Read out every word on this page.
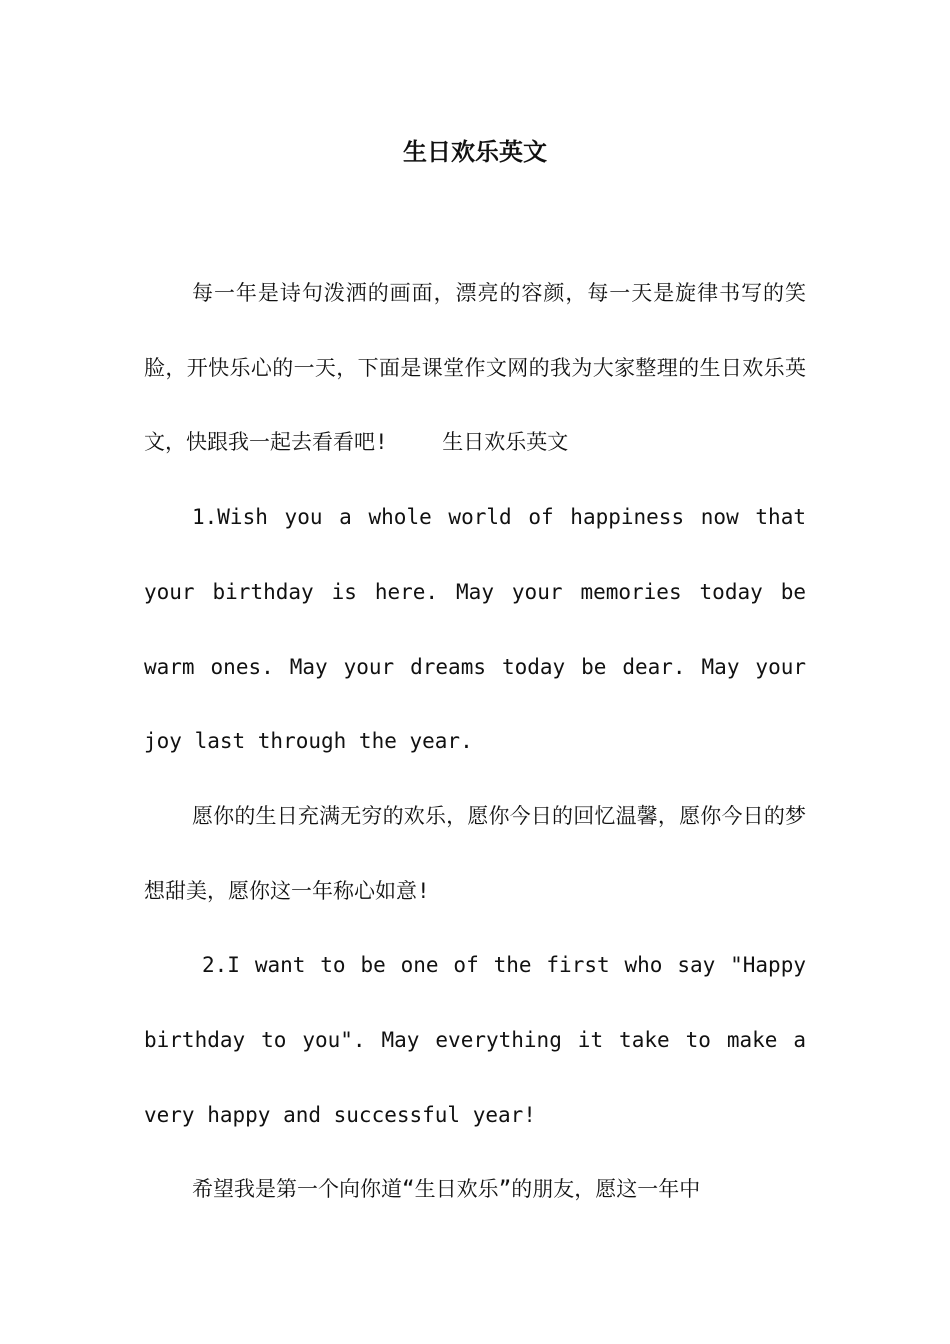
生日欢乐英文

每一年是诗句泼洒的画面，漂亮的容颜，每一天是旋律书写的笑脸，开快乐心的一天，下面是课堂作文网的我为大家整理的生日欢乐英文，快跟我一起去看看吧!　　 生日欢乐英文

1.Wish you a whole world of happiness now that your birthday is here. May your memories today be warm ones. May your dreams today be dear. May your joy last through the year.

愿你的生日充满无穷的欢乐，愿你今日的回忆温馨，愿你今日的梦想甜美，愿你这一年称心如意!

2.I want to be one of the first who say "Happy birthday to you". May everything it take to make a very happy and successful year!

希望我是第一个向你道“生日欢乐”的朋友，愿这一年中
